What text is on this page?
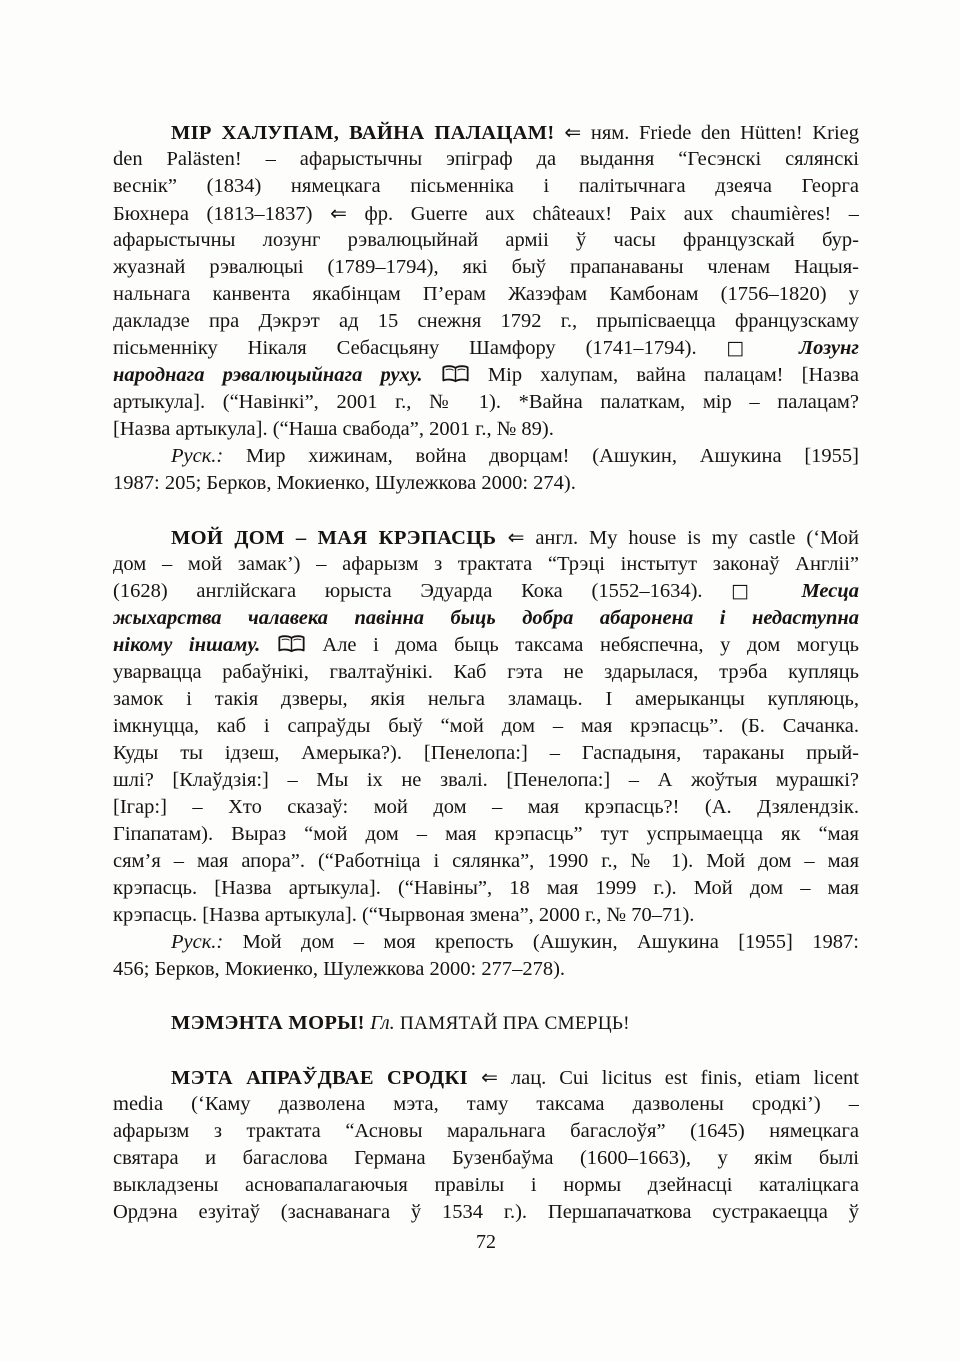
МІР ХАЛУПАМ, ВАЙНА ПАЛАЦАМ! ⇐ ням. Friede den Hütten! Krieg
den Palästen! – афарыстычны эпіграф да выдання “Гесэнскі сялянскі
веснік” (1834) нямецкага пісьменніка і палітычнага дзеяча Георга
Бюхнера (1813–1837) ⇐ фр. Guerre aux châteaux! Paix aux chaumières! –
афарыстычны лозунг рэвалюцыйнай арміі ў часы французскай бур-
жуазнай рэвалюцыі (1789–1794), які быў прапанаваны членам Нацыя-
нальнага канвента якабінцам П’ерам Жазэфам Камбонам (1756–1820) у
дакладзе пра Дэкрэт ад 15 снежня 1792 г., прыпісваецца французскаму
пісьменніку Нікаля Себасцьяну Шамфору (1741–1794). □ Лозунг
народнага рэвалюцыйнага руху.  Мір халупам, вайна палацам! [Назва
артыкула]. (“Навінкі”, 2001 г., № 1). *Вайна палаткам, мір – палацам?
[Назва артыкула]. (“Наша свабода”, 2001 г., № 89).
Руск.: Мир хижинам, война дворцам! (Ашукин, Ашукина [1955]
1987: 205; Берков, Мокиенко, Шулежкова 2000: 274).
МОЙ ДОМ – МАЯ КРЭПАСЦЬ ⇐ англ. My house is my castle (‘Мой
дом – мой замак’) – афарызм з трактата “Трэці інстытут законаў Англіі”
(1628) англійскага юрыста Эдуарда Кока (1552–1634). □ Месца
жыхарства чалавека павінна быць добра абаронена і недаступна
нікому іншаму.  Але і дома быць таксама небяспечна, у дом могуць
уварвацца рабаўнікі, гвалтаўнікі. Каб гэта не здарылася, трэба купляць
замок і такія дзверы, якія нельга зламаць. І амерыканцы купляюць,
імкнуцца, каб і сапраўды быў “мой дом – мая крэпасць”. (Б. Сачанка.
Куды ты ідзеш, Амерыка?). [Пенелопа:] – Гаспадыня, тараканы прый-
шлі? [Клаўдзія:] – Мы іх не звалі. [Пенелопа:] – А жоўтыя мурашкі?
[Ігар:] – Хто сказаў: мой дом – мая крэпасць?! (А. Дзялендзік.
Гіпапатам). Выраз “мой дом – мая крэпасць” тут успрымаецца як “мая
сям’я – мая апора”. (“Работніца і сялянка”, 1990 г., № 1). Мой дом – мая
крэпасць. [Назва артыкула]. (“Навіны”, 18 мая 1999 г.). Мой дом – мая
крэпасць. [Назва артыкула]. (“Чырвоная змена”, 2000 г., № 70–71).
Руск.: Мой дом – моя крепость (Ашукин, Ашукина [1955] 1987:
456; Берков, Мокиенко, Шулежкова 2000: 277–278).
МЭМЭНТА МОРЫ! Гл. ПАМЯТАЙ ПРА СМЕРЦЬ!
МЭТА АПРАЎДВАЕ СРОДКІ ⇐ лац. Cui licitus est finis, etiam licent
media (‘Каму дазволена мэта, таму таксама дазволены сродкі’) –
афарызм з трактата “Асновы маральнага багаслоўя” (1645) нямецкага
святара и багаслова Германа Бузенбаўма (1600–1663), у якім былі
выкладзены асновапалагаючыя правілы і нормы дзейнасці каталіцкага
Ордэна езуітаў (заснаванага ў 1534 г.). Першапачаткова сустракаецца ў
72
